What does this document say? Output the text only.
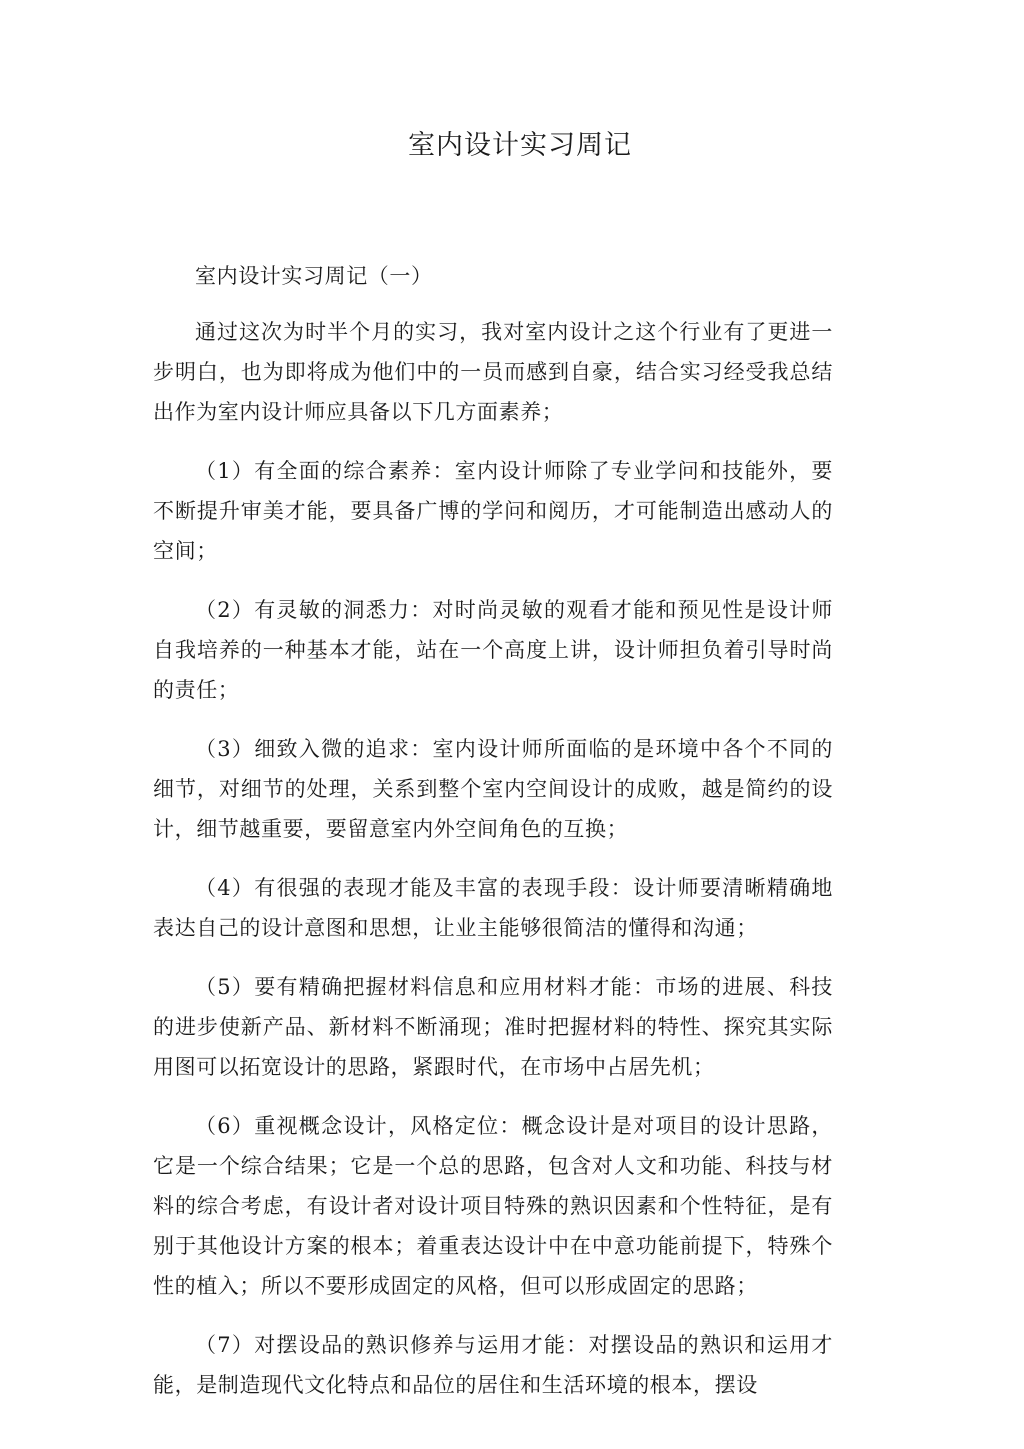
室内设计实习周记

室内设计实习周记（一）

通过这次为时半个月的实习，我对室内设计之这个行业有了更进一步明白，也为即将成为他们中的一员而感到自豪，结合实习经受我总结出作为室内设计师应具备以下几方面素养；

（1）有全面的综合素养：室内设计师除了专业学问和技能外，要不断提升审美才能，要具备广博的学问和阅历，才可能制造出感动人的空间；

（2）有灵敏的洞悉力：对时尚灵敏的观看才能和预见性是设计师自我培养的一种基本才能，站在一个高度上讲，设计师担负着引导时尚的责任；

（3）细致入微的追求：室内设计师所面临的是环境中各个不同的细节，对细节的处理，关系到整个室内空间设计的成败，越是简约的设计，细节越重要，要留意室内外空间角色的互换；

（4）有很强的表现才能及丰富的表现手段：设计师要清晰精确地表达自己的设计意图和思想，让业主能够很简洁的懂得和沟通；

（5）要有精确把握材料信息和应用材料才能：市场的进展、科技的进步使新产品、新材料不断涌现；准时把握材料的特性、探究其实际用图可以拓宽设计的思路，紧跟时代，在市场中占居先机；

（6）重视概念设计，风格定位：概念设计是对项目的设计思路，它是一个综合结果；它是一个总的思路，包含对人文和功能、科技与材料的综合考虑，有设计者对设计项目特殊的熟识因素和个性特征，是有别于其他设计方案的根本；着重表达设计中在中意功能前提下，特殊个性的植入；所以不要形成固定的风格，但可以形成固定的思路；

（7）对摆设品的熟识修养与运用才能：对摆设品的熟识和运用才能，是制造现代文化特点和品位的居住和生活环境的根本，摆设
